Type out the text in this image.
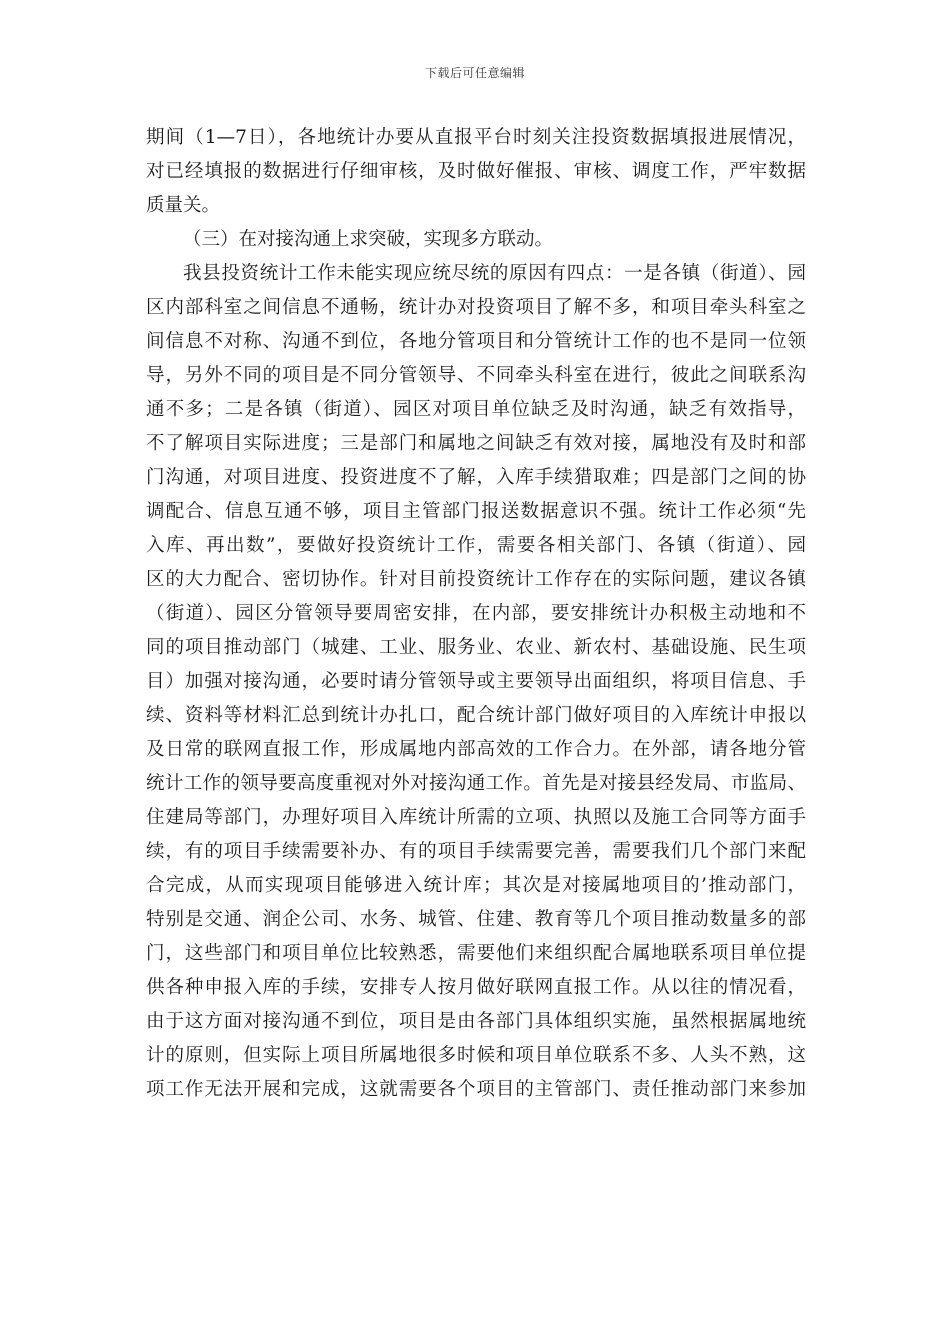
下载后可任意编辑
期间（1—7日），各地统计办要从直报平台时刻关注投资数据填报进展情况，
对已经填报的数据进行仔细审核，及时做好催报、审核、调度工作，严牢数据
质量关。
（三）在对接沟通上求突破，实现多方联动。
我县投资统计工作未能实现应统尽统的原因有四点：一是各镇（街道）、园
区内部科室之间信息不通畅，统计办对投资项目了解不多，和项目牵头科室之
间信息不对称、沟通不到位，各地分管项目和分管统计工作的也不是同一位领
导，另外不同的项目是不同分管领导、不同牵头科室在进行，彼此之间联系沟
通不多；二是各镇（街道）、园区对项目单位缺乏及时沟通，缺乏有效指导，
不了解项目实际进度；三是部门和属地之间缺乏有效对接，属地没有及时和部
门沟通，对项目进度、投资进度不了解，入库手续猎取难；四是部门之间的协
调配合、信息互通不够，项目主管部门报送数据意识不强。统计工作必须“先
入库、再出数”，要做好投资统计工作，需要各相关部门、各镇（街道）、园
区的大力配合、密切协作。针对目前投资统计工作存在的实际问题，建议各镇
（街道）、园区分管领导要周密安排，在内部，要安排统计办积极主动地和不
同的项目推动部门（城建、工业、服务业、农业、新农村、基础设施、民生项
目）加强对接沟通，必要时请分管领导或主要领导出面组织，将项目信息、手
续、资料等材料汇总到统计办扎口，配合统计部门做好项目的入库统计申报以
及日常的联网直报工作，形成属地内部高效的工作合力。在外部，请各地分管
统计工作的领导要高度重视对外对接沟通工作。首先是对接县经发局、市监局、
住建局等部门，办理好项目入库统计所需的立项、执照以及施工合同等方面手
续，有的项目手续需要补办、有的项目手续需要完善，需要我们几个部门来配
合完成，从而实现项目能够进入统计库；其次是对接属地项目的’推动部门，
特别是交通、润企公司、水务、城管、住建、教育等几个项目推动数量多的部
门，这些部门和项目单位比较熟悉，需要他们来组织配合属地联系项目单位提
供各种申报入库的手续，安排专人按月做好联网直报工作。从以往的情况看，
由于这方面对接沟通不到位，项目是由各部门具体组织实施，虽然根据属地统
计的原则，但实际上项目所属地很多时候和项目单位联系不多、人头不熟，这
项工作无法开展和完成，这就需要各个项目的主管部门、责任推动部门来参加
